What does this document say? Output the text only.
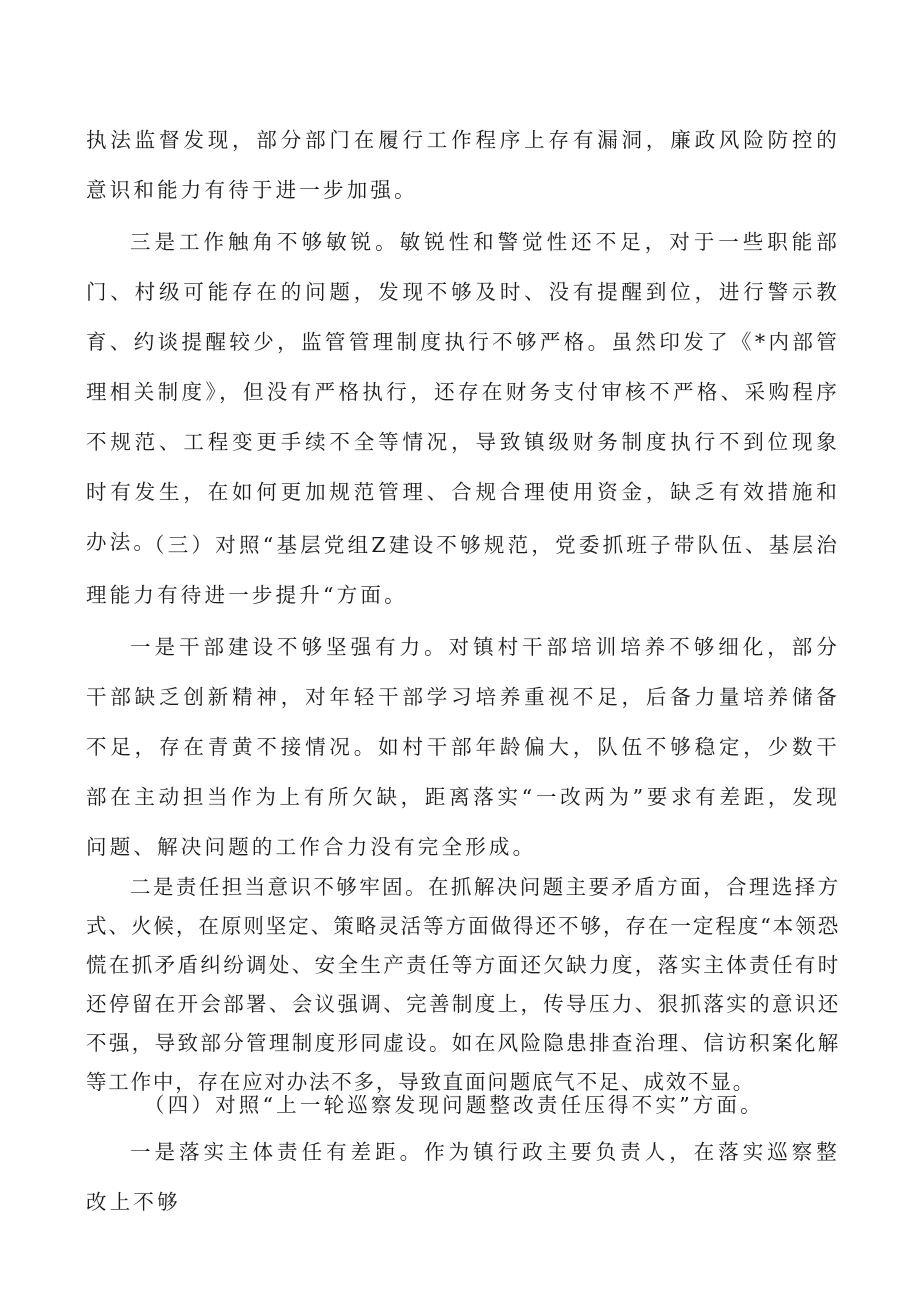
执法监督发现，部分部门在履行工作程序上存有漏洞，廉政风险防控的意识和能力有待于进一步加强。

三是工作触角不够敏锐。敏锐性和警觉性还不足，对于一些职能部门、村级可能存在的问题，发现不够及时、没有提醒到位，进行警示教育、约谈提醒较少，监管管理制度执行不够严格。虽然印发了《*内部管理相关制度》，但没有严格执行，还存在财务支付审核不严格、采购程序不规范、工程变更手续不全等情况，导致镇级财务制度执行不到位现象时有发生，在如何更加规范管理、合规合理使用资金，缺乏有效措施和办法。

（三）对照“基层党组Z建设不够规范，党委抓班子带队伍、基层治理能力有待进一步提升“方面。

一是干部建设不够坚强有力。对镇村干部培训培养不够细化，部分干部缺乏创新精神，对年轻干部学习培养重视不足，后备力量培养储备不足，存在青黄不接情况。如村干部年龄偏大，队伍不够稳定，少数干部在主动担当作为上有所欠缺，距离落实“一改两为”要求有差距，发现问题、解决问题的工作合力没有完全形成。

二是责任担当意识不够牢固。在抓解决问题主要矛盾方面，合理选择方式、火候，在原则坚定、策略灵活等方面做得还不够，存在一定程度“本领恐慌在抓矛盾纠纷调处、安全生产责任等方面还欠缺力度，落实主体责任有时还停留在开会部署、会议强调、完善制度上，传导压力、狠抓落实的意识还不强，导致部分管理制度形同虚设。如在风险隐患排查治理、信访积案化解等工作中，存在应对办法不多，导致直面问题底气不足、成效不显。

（四）对照“上一轮巡察发现问题整改责任压得不实”方面。

一是落实主体责任有差距。作为镇行政主要负责人，在落实巡察整改上不够
